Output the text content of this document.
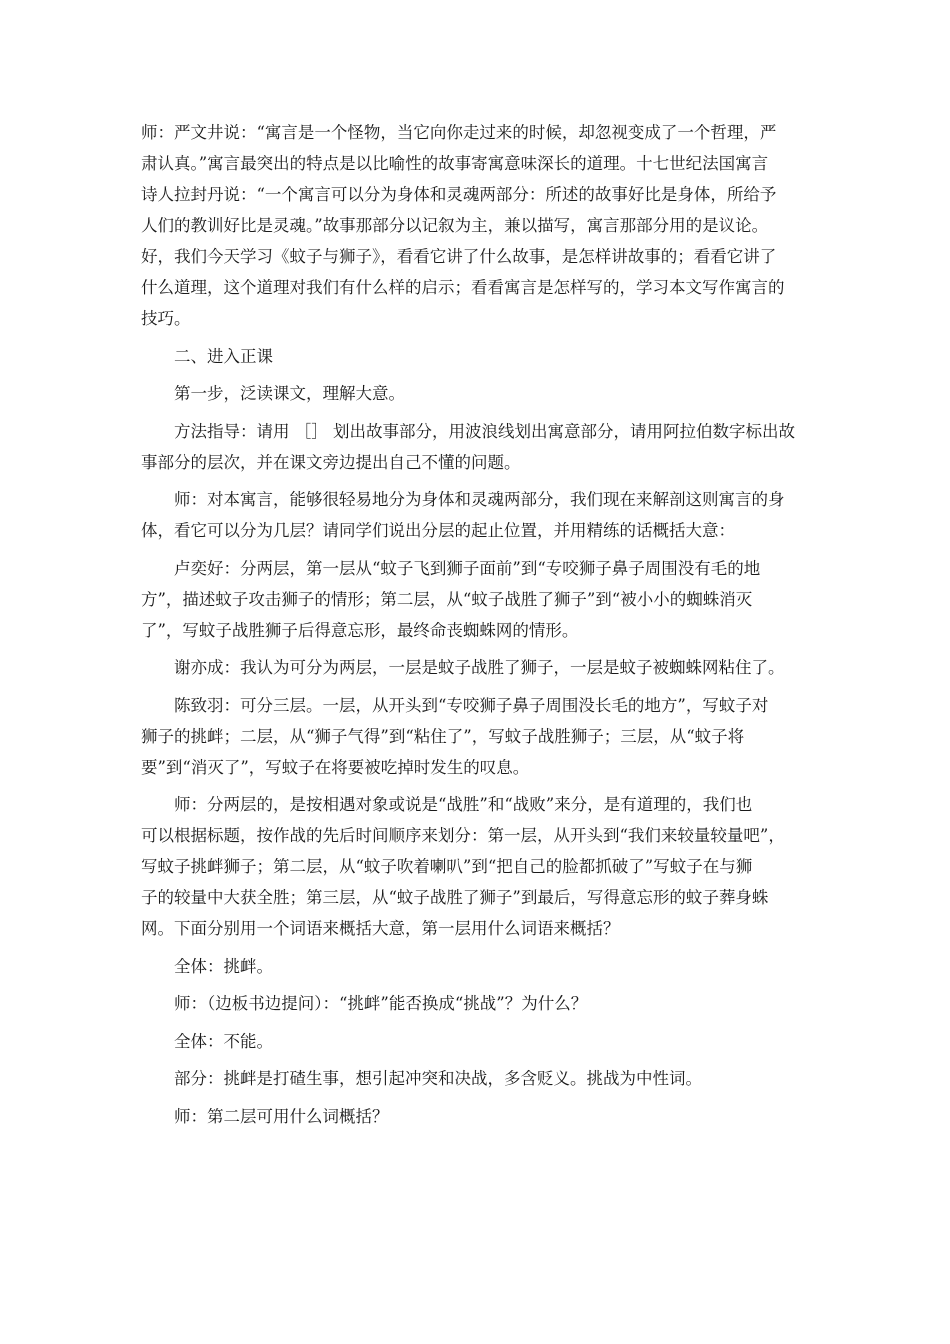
师：严文井说：“寓言是一个怪物，当它向你走过来的时候，却忽视变成了一个哲理，严
肃认真。”寓言最突出的特点是以比喻性的故事寄寓意味深长的道理。十七世纪法国寓言
诗人拉封丹说：“一个寓言可以分为身体和灵魂两部分：所述的故事好比是身体，所给予
人们的教训好比是灵魂。”故事那部分以记叙为主，兼以描写，寓言那部分用的是议论。
好，我们今天学习《蚊子与狮子》，看看它讲了什么故事，是怎样讲故事的；看看它讲了
什么道理，这个道理对我们有什么样的启示；看看寓言是怎样写的，学习本文写作寓言的
技巧。
　　二、进入正课
　　第一步，泛读课文，理解大意。
　　方法指导：请用 ［］ 划出故事部分，用波浪线划出寓意部分，请用阿拉伯数字标出故
事部分的层次，并在课文旁边提出自己不懂的问题。
　　师：对本寓言，能够很轻易地分为身体和灵魂两部分，我们现在来解剖这则寓言的身
体，看它可以分为几层？请同学们说出分层的起止位置，并用精练的话概括大意：
　　卢奕好：分两层，第一层从“蚊子飞到狮子面前”到“专咬狮子鼻子周围没有毛的地
方”，描述蚊子攻击狮子的情形；第二层，从“蚊子战胜了狮子”到“被小小的蜘蛛消灭
了”，写蚊子战胜狮子后得意忘形，最终命丧蜘蛛网的情形。
　　谢亦成：我认为可分为两层，一层是蚊子战胜了狮子，一层是蚊子被蜘蛛网粘住了。
　　陈致羽：可分三层。一层，从开头到“专咬狮子鼻子周围没长毛的地方”，写蚊子对
狮子的挑衅；二层，从“狮子气得”到“粘住了”，写蚊子战胜狮子；三层，从“蚊子将
要”到“消灭了”，写蚊子在将要被吃掉时发生的叹息。
　　师：分两层的，是按相遇对象或说是“战胜”和“战败”来分，是有道理的，我们也
可以根据标题，按作战的先后时间顺序来划分：第一层，从开头到“我们来较量较量吧”，
写蚊子挑衅狮子；第二层，从“蚊子吹着喇叭”到“把自己的脸都抓破了”写蚊子在与狮
子的较量中大获全胜；第三层，从“蚊子战胜了狮子”到最后，写得意忘形的蚊子葬身蛛
网。下面分别用一个词语来概括大意，第一层用什么词语来概括？
　　全体：挑衅。
　　师：（边板书边提问）：“挑衅”能否换成“挑战”？为什么？
　　全体：不能。
　　部分：挑衅是打碴生事，想引起冲突和决战，多含贬义。挑战为中性词。
　　师：第二层可用什么词概括？
